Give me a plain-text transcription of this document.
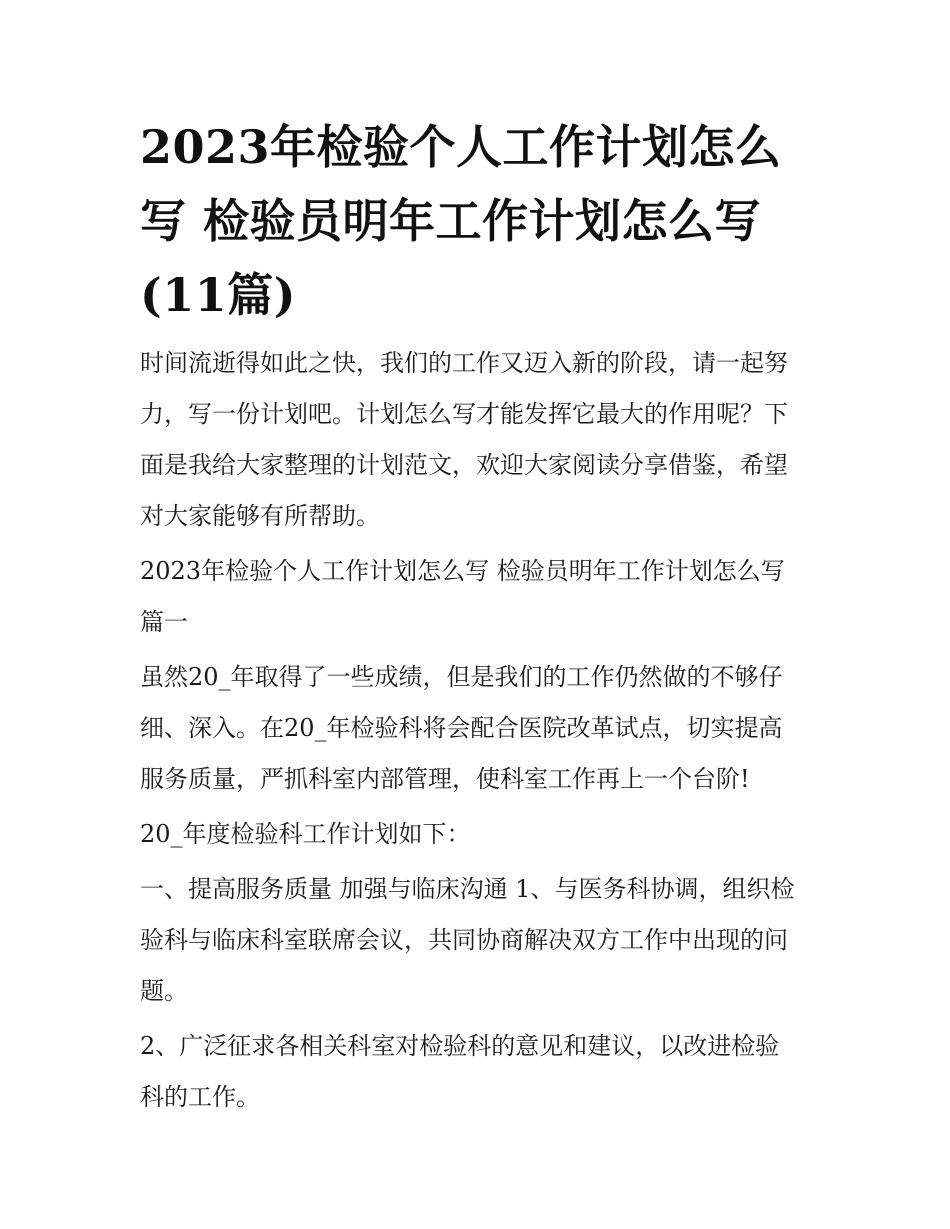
2023年检验个人工作计划怎么
写 检验员明年工作计划怎么写
(11篇)

时间流逝得如此之快，我们的工作又迈入新的阶段，请一起努
力，写一份计划吧。计划怎么写才能发挥它最大的作用呢？下
面是我给大家整理的计划范文，欢迎大家阅读分享借鉴，希望
对大家能够有所帮助。

2023年检验个人工作计划怎么写 检验员明年工作计划怎么写
篇一

虽然20_年取得了一些成绩，但是我们的工作仍然做的不够仔
细、深入。在20_年检验科将会配合医院改革试点，切实提高
服务质量，严抓科室内部管理，使科室工作再上一个台阶!

20_年度检验科工作计划如下：

一、提高服务质量 加强与临床沟通 1、与医务科协调，组织检
验科与临床科室联席会议，共同协商解决双方工作中出现的问
题。

2、广泛征求各相关科室对检验科的意见和建议，以改进检验
科的工作。
